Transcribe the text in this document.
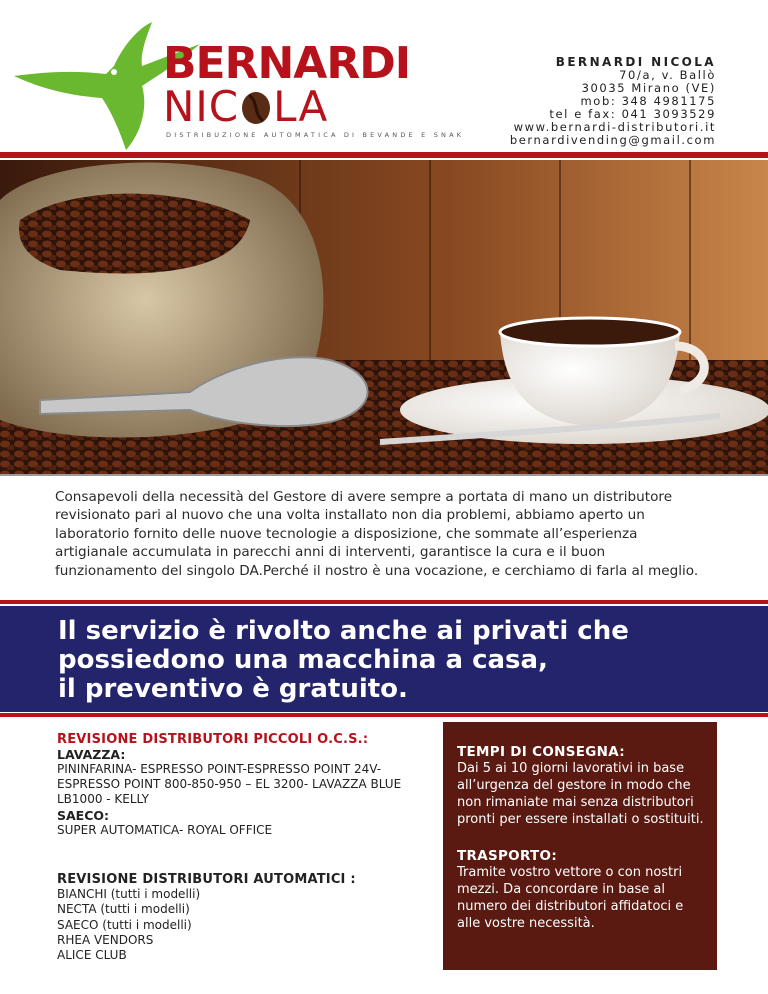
BERNARDI
NIC LA
DISTRIBUZIONE AUTOMATICA DI BEVANDE E SNAK
BERNARDI NICOLA
70/a, v. Ballò
30035 Mirano (VE)
mob: 348 4981175
tel e fax: 041 3093529
www.bernardi-distributori.it
bernardivending@gmail.com
Consapevoli della necessità del Gestore di avere sempre a portata di mano un distributore revisionato pari al nuovo che una volta installato non dia problemi, abbiamo aperto un laboratorio fornito delle nuove tecnologie a disposizione, che sommate all’esperienza artigianale accumulata in parecchi anni di interventi, garantisce la cura e il buon funzionamento del singolo DA.Perché il nostro è una vocazione, e cerchiamo di farla al meglio.
Il servizio è rivolto anche ai privati che
possiedono una macchina a casa,
il preventivo è gratuito.
REVISIONE DISTRIBUTORI PICCOLI O.C.S.:
LAVAZZA:
PININFARINA- ESPRESSO POINT-ESPRESSO POINT 24V-
ESPRESSO POINT 800-850-950 – EL 3200- LAVAZZA BLUE
LB1000 - KELLY
SAECO:
SUPER AUTOMATICA- ROYAL OFFICE
REVISIONE DISTRIBUTORI AUTOMATICI :
BIANCHI (tutti i modelli)
NECTA (tutti i modelli)
SAECO (tutti i modelli)
RHEA VENDORS
ALICE CLUB
TEMPI DI CONSEGNA:
Dai 5 ai 10 giorni lavorativi in base
all’urgenza del gestore in modo che
non rimaniate mai senza distributori
pronti per essere installati o sostituiti.
TRASPORTO:
Tramite vostro vettore o con nostri
mezzi. Da concordare in base al
numero dei distributori affidatoci e
alle vostre necessità.
